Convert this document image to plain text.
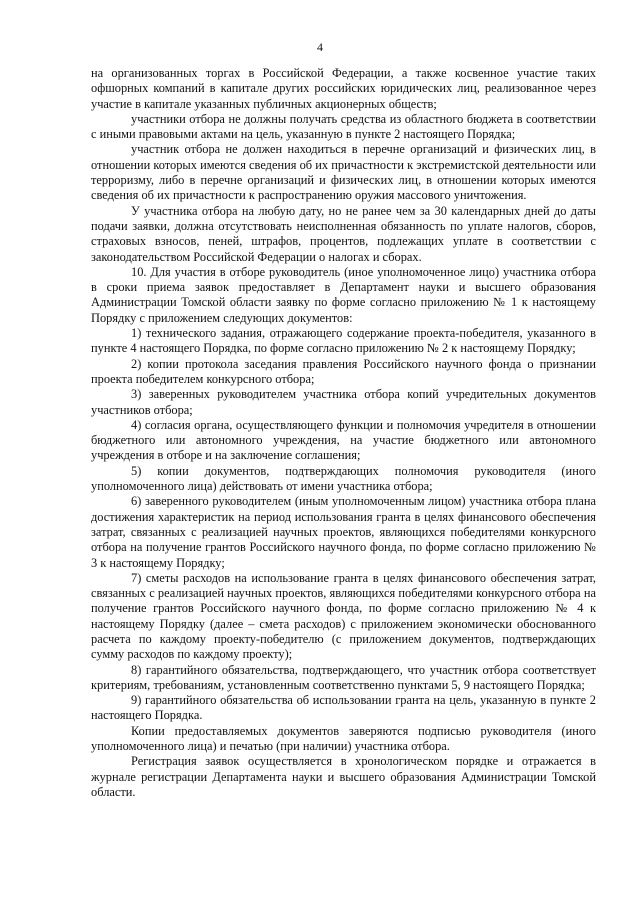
4

на организованных торгах в Российской Федерации, а также косвенное участие таких офшорных компаний в капитале других российских юридических лиц, реализованное через участие в капитале указанных публичных акционерных обществ;

участники отбора не должны получать средства из областного бюджета в соответствии с иными правовыми актами на цель, указанную в пункте 2 настоящего Порядка;

участник отбора не должен находиться в перечне организаций и физических лиц, в отношении которых имеются сведения об их причастности к экстремистской деятельности или терроризму, либо в перечне организаций и физических лиц, в отношении которых имеются сведения об их причастности к распространению оружия массового уничтожения.

У участника отбора на любую дату, но не ранее чем за 30 календарных дней до даты подачи заявки, должна отсутствовать неисполненная обязанность по уплате налогов, сборов, страховых взносов, пеней, штрафов, процентов, подлежащих уплате в соответствии с законодательством Российской Федерации о налогах и сборах.

10. Для участия в отборе руководитель (иное уполномоченное лицо) участника отбора в сроки приема заявок предоставляет в Департамент науки и высшего образования Администрации Томской области заявку по форме согласно приложению № 1 к настоящему Порядку с приложением следующих документов:

1) технического задания, отражающего содержание проекта-победителя, указанного в пункте 4 настоящего Порядка, по форме согласно приложению № 2 к настоящему Порядку;

2) копии протокола заседания правления Российского научного фонда о признании проекта победителем конкурсного отбора;

3) заверенных руководителем участника отбора копий учредительных документов участников отбора;

4) согласия органа, осуществляющего функции и полномочия учредителя в отношении бюджетного или автономного учреждения, на участие бюджетного или автономного учреждения в отборе и на заключение соглашения;

5) копии документов, подтверждающих полномочия руководителя (иного уполномоченного лица) действовать от имени участника отбора;

6) заверенного руководителем (иным уполномоченным лицом) участника отбора плана достижения характеристик на период использования гранта в целях финансового обеспечения затрат, связанных с реализацией научных проектов, являющихся победителями конкурсного отбора на получение грантов Российского научного фонда, по форме согласно приложению № 3 к настоящему Порядку;

7) сметы расходов на использование гранта в целях финансового обеспечения затрат, связанных с реализацией научных проектов, являющихся победителями конкурсного отбора на получение грантов Российского научного фонда, по форме согласно приложению № 4 к настоящему Порядку (далее – смета расходов) с приложением экономически обоснованного расчета по каждому проекту-победителю (с приложением документов, подтверждающих сумму расходов по каждому проекту);

8) гарантийного обязательства, подтверждающего, что участник отбора соответствует критериям, требованиям, установленным соответственно пунктами 5, 9 настоящего Порядка;

9) гарантийного обязательства об использовании гранта на цель, указанную в пункте 2 настоящего Порядка.

Копии предоставляемых документов заверяются подписью руководителя (иного уполномоченного лица) и печатью (при наличии) участника отбора.

Регистрация заявок осуществляется в хронологическом порядке и отражается в журнале регистрации Департамента науки и высшего образования Администрации Томской области.
